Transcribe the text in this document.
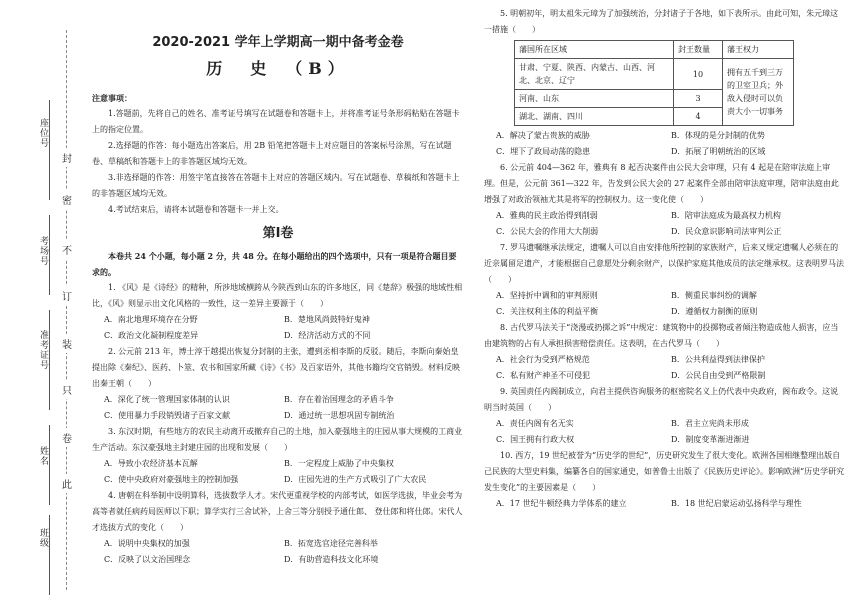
座位号
考场号
准考证号
姓名
班级
封
密
不
订
装
只
卷
此
2020-2021 学年上学期高一期中备考金卷
历　史　（B）
注意事项：
1.答题前，先将自己的姓名、准考证号填写在试题卷和答题卡上，并将准考证号条形码粘贴在答题卡上的指定位置。
2.选择题的作答：每小题选出答案后，用 2B 铅笔把答题卡上对应题目的答案标号涂黑，写在试题卷、草稿纸和答题卡上的非答题区域均无效。
3.非选择题的作答：用签字笔直接答在答题卡上对应的答题区域内。写在试题卷、草稿纸和答题卡上的非答题区域均无效。
4.考试结束后，请将本试题卷和答题卡一并上交。
第Ⅰ卷
本卷共 24 个小题，每小题 2 分，共 48 分。在每小题给出的四个选项中，只有一项是符合题目要求的。
1. 《风》是《诗经》的精种，所涉地域横跨从今陕西到山东的许多地区，同《楚辞》极强的地域性相比，《风》则显示出文化风格的一致性，这一差异主要源于（　　）
A．南北地理环境存在分野	B．楚地风尚鼓特好鬼神
C．政治文化凝制程度差异	D．经济活动方式的不同
2. 公元前 213 年，博士淳于越提出恢复分封制的主张，遭到丞相李斯的反驳。随后，李斯向秦始皇提出除《秦纪》、医药、卜筮、农书和国家所藏《诗》《书》及百家语外，其他书籍均交官销毁。材料反映出秦王朝（　　）
A．深化了统一管理国家体制的认识	B．存在着治国理念的矛盾斗争
C．使用暴力手段销毁诸子百家文献	D．通过统一思想巩固专制统治
3. 东汉时期，有些地方的农民主动离开或撤弃自己的土地，加入豪强地主的庄园从事大规模的工商业生产活动。东汉豪强地主封建庄园的出现和发展（　　）
A．导致小农经济基本瓦解	B．一定程度上威胁了中央集权
C．使中央政府对豪强地主的控制加强	D．庄园先进的生产方式吸引了广大农民
4. 唐朝在科举制中设明算科，选拔数学人才。宋代更重视学校的内部考试，如医学选拔，毕业会考为高等者就任病药局医师以下职；算学实行三舍试补，上舍三等分别授予通仕郎、 登仕郎和将仕郎。宋代人才选拔方式的变化（　　）
A．说明中央集权的加强	B．拓宽选官途径完善科举
C．反映了以文治国理念	D．有助营造科技文化环境
5. 明朝初年，明太祖朱元璋为了加强统治，分封诸子于各地，如下表所示。由此可知，朱元璋这一措施（　　）
藩国所在区域	封王数量	藩王权力
甘肃、宁夏、陕西、内蒙古、山西、河北、北京、辽宁	10	拥有五千到三万的卫室卫兵；外敌入侵时可以负责大小一切事务
河南、山东	3	
湖北、湖南、四川	4	
A．解决了蒙古贵族的威胁	B．体现的是分封制的优势
C．埋下了政局动荡的隐患	D．拓展了明朝统治的区域
6. 公元前 404—362 年，雅典有 8 起否决案件由公民大会审理，只有 4 起是在陪审法庭上审理。但是，公元前 361—322 年，告发到公民大会的 27 起案件全部由陪审法庭审理，陪审法庭由此增强了对政治领袖尤其是将军的控制权力。这一变化使（　　）
A．雅典的民主政治得到削弱	B．陪审法庭成为最高权力机构
C．公民大会的作用大大削弱	D．民众意识影响司法审判公正
7. 罗马遗嘱继承法规定，遗嘱人可以自由安排他所控制的家族财产，后来又规定遗嘱人必须在的近亲属留足遗产，才能根据自己意愿处分剩余财产，以保护家庭其他成员的法定继承权。这表明罗马法（　　）
A．坚持折中调和的审判原则	B．侧重民事纠纷的调解
C．关注权利主体的利益平衡	D．遵循权力制衡的原则
8. 古代罗马法关于“浇漫或扔掷之诉”中规定：建筑物中的投掷物或者倾注物造成他人损害，应当由建筑物的占有人承担损害赔偿责任。这表明，在古代罗马（　　）
A．社会行为受到严格规范	B．公共利益得到法律保护
C．私有财产神圣不可侵犯	D．公民自由受到严格限制
9. 英国责任内阁制成立，向君主提供咨询服务的枢密院名义上仍代表中央政府，阁布政令。这说明当时英国（　　）
A．责任内阁有名无实	B．君主立宪尚未形成
C．国王拥有行政大权	D．制度变革渐进渐进
10. 西方，19 世纪被誉为“历史学的世纪”，历史研究发生了很大变化。欧洲各国相继整理出版自己民族的大型史料集，编纂各自的国家通史，如普鲁士出版了《民族历史评论》。影响欧洲“历史学研究发生变化”的主要因素是（　　）
A．17 世纪牛顿经典力学体系的建立	B．18 世纪启蒙运动弘扬科学与理性
